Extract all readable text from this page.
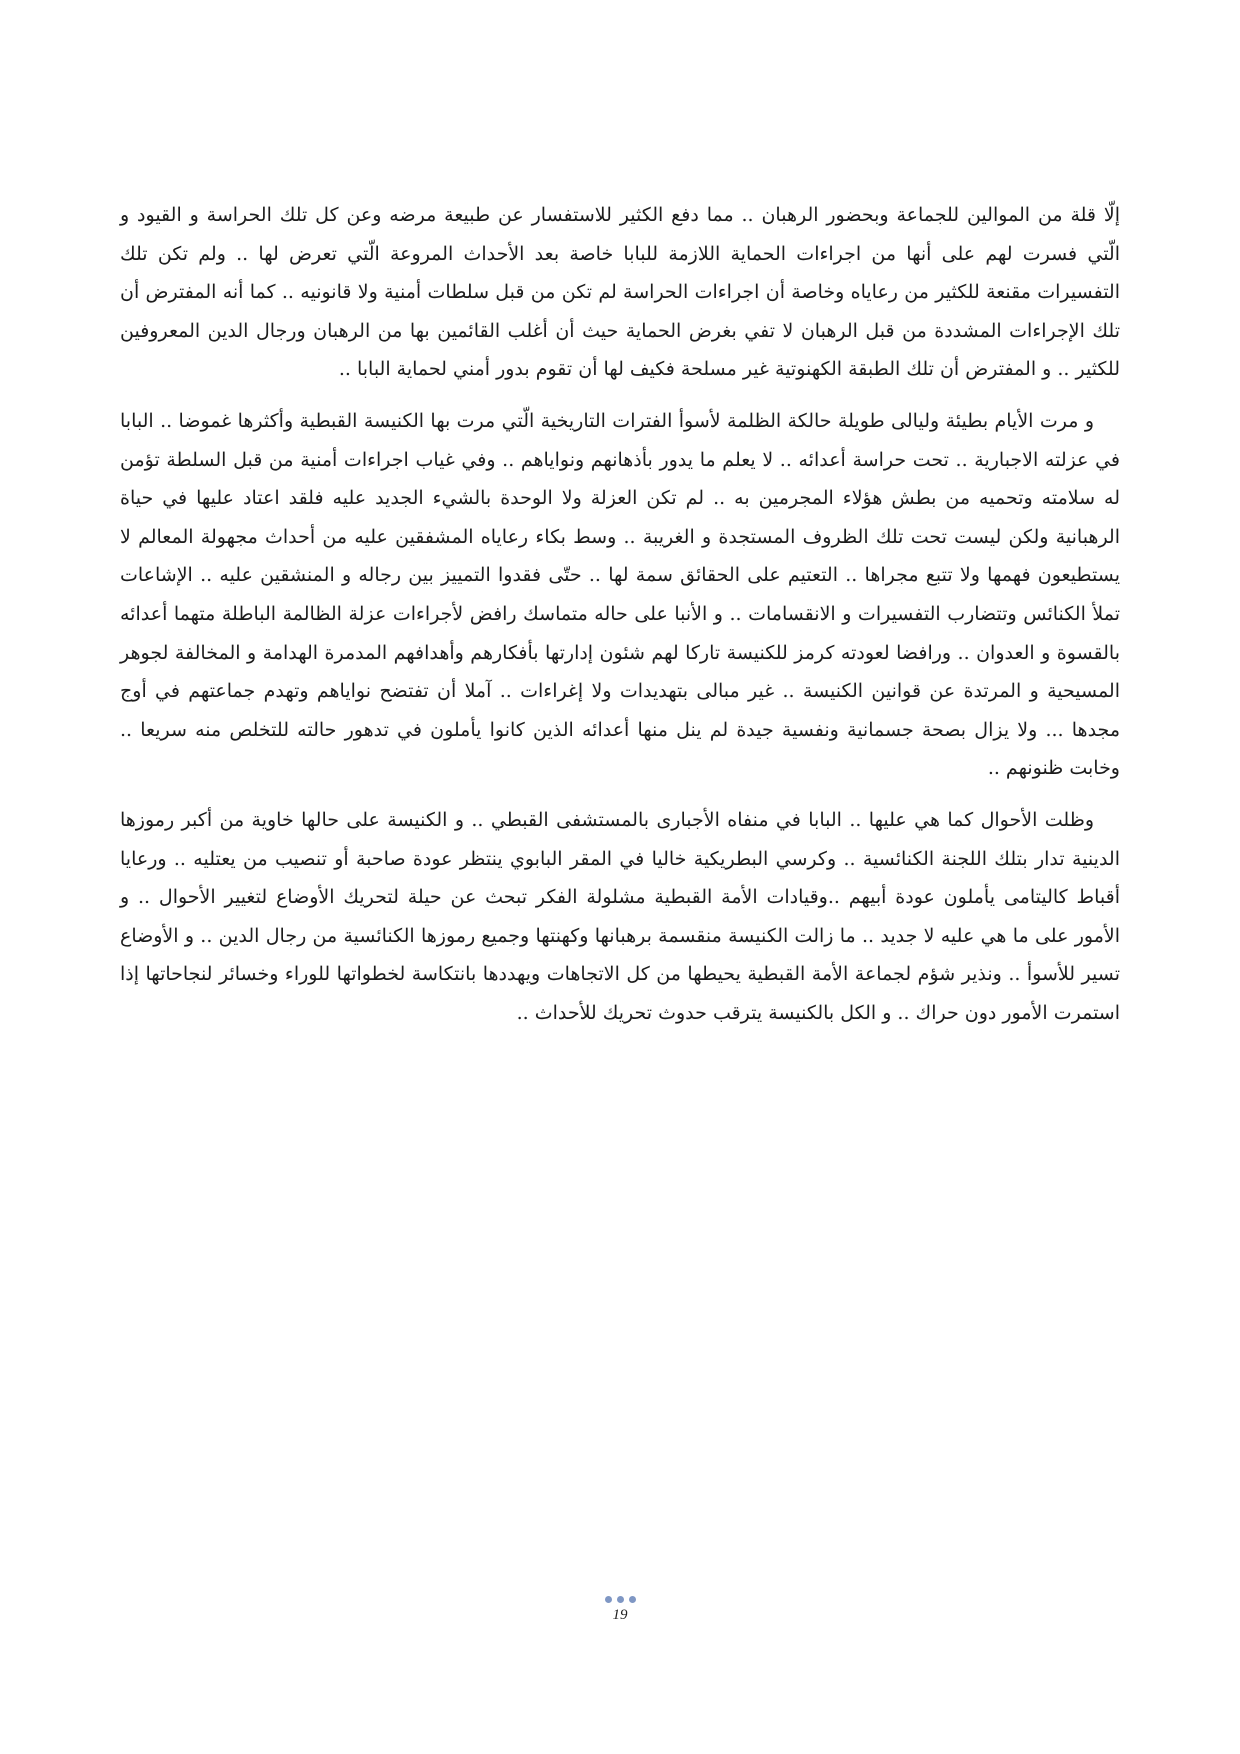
إلّا قلة من الموالين للجماعة وبحضور الرهبان .. مما دفع الكثير للاستفسار عن طبيعة مرضه وعن كل تلك الحراسة و القيود و الّتي فسرت لهم على أنها من اجراءات الحماية اللازمة للبابا خاصة بعد الأحداث المروعة الّتي تعرض لها .. ولم تكن تلك التفسيرات مقنعة للكثير من رعاياه وخاصة أن اجراءات الحراسة لم تكن من قبل سلطات أمنية ولا قانونيه .. كما أنه المفترض أن تلك الإجراءات المشددة من قبل الرهبان لا تفي بغرض الحماية حيث أن أغلب القائمين بها من الرهبان ورجال الدين المعروفين للكثير .. و المفترض أن تلك الطبقة الكهنوتية غير مسلحة فكيف لها أن تقوم بدور أمني لحماية البابا ..

و مرت الأيام بطيئة وليالى طويلة حالكة الظلمة لأسوأ الفترات التاريخية الّتي مرت بها الكنيسة القبطية وأكثرها غموضا .. البابا في عزلته الاجبارية .. تحت حراسة أعدائه .. لا يعلم ما يدور بأذهانهم ونواياهم .. وفي غياب اجراءات أمنية من قبل السلطة تؤمن له سلامته وتحميه من بطش هؤلاء المجرمين به .. لم تكن العزلة ولا الوحدة بالشيء الجديد عليه فلقد اعتاد عليها في حياة الرهبانية ولكن ليست تحت تلك الظروف المستجدة و الغريبة .. وسط بكاء رعاياه المشفقين عليه من أحداث مجهولة المعالم لا يستطيعون فهمها ولا تتبع مجراها .. التعتيم على الحقائق سمة لها .. حتّى فقدوا التمييز بين رجاله و المنشقين عليه .. الإشاعات تملأ الكنائس وتتضارب التفسيرات و الانقسامات .. و الأنبا على حاله متماسك رافض لأجراءات عزلة الظالمة الباطلة متهما أعدائه بالقسوة و العدوان .. ورافضا لعودته كرمز للكنيسة تاركا لهم شئون إدارتها بأفكارهم وأهدافهم المدمرة الهدامة و المخالفة لجوهر المسيحية و المرتدة عن قوانين الكنيسة .. غير مبالى بتهديدات ولا إغراءات .. آملا أن تفتضح نواياهم وتهدم جماعتهم في أوج مجدها ... ولا يزال بصحة جسمانية ونفسية جيدة لم ينل منها أعدائه الذين كانوا يأملون في تدهور حالته للتخلص منه سريعا .. وخابت ظنونهم ..

وظلت الأحوال كما هي عليها .. البابا في منفاه الأجبارى بالمستشفى القبطي .. و الكنيسة على حالها خاوية من أكبر رموزها الدينية تدار بتلك اللجنة الكنائسية .. وكرسي البطريكية خاليا في المقر البابوي ينتظر عودة صاحبة أو تنصيب من يعتليه .. ورعايا أقباط كاليتامى يأملون عودة أبيهم ..وقيادات الأمة القبطية مشلولة الفكر تبحث عن حيلة لتحريك الأوضاع لتغيير الأحوال .. و الأمور على ما هي عليه لا جديد .. ما زالت الكنيسة منقسمة برهبانها وكهنتها وجميع رموزها الكنائسية من رجال الدين .. و الأوضاع تسير للأسوأ .. ونذير شؤم لجماعة الأمة القبطية يحيطها من كل الاتجاهات ويهددها بانتكاسة لخطواتها للوراء وخسائر لنجاحاتها إذا استمرت الأمور دون حراك .. و الكل بالكنيسة يترقب حدوث تحريك للأحداث ..

19
